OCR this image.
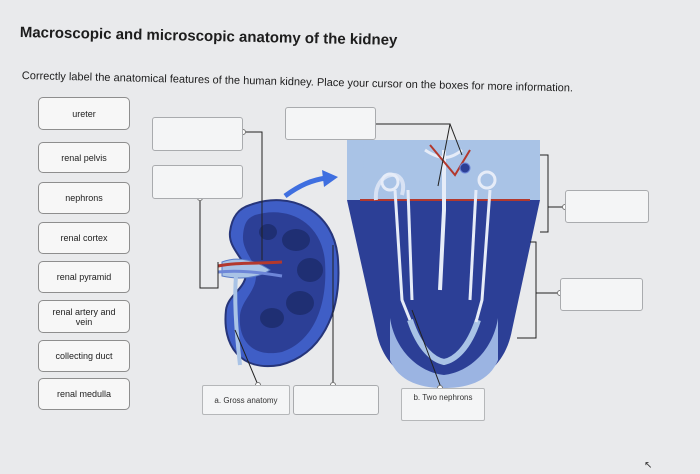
Macroscopic and microscopic anatomy of the kidney
Correctly label the anatomical features of the human kidney. Place your cursor on the boxes for more information.
ureter
renal pelvis
nephrons
renal cortex
renal pyramid
renal artery and vein
collecting duct
renal medulla
a. Gross anatomy	b. Two nephrons
↖
